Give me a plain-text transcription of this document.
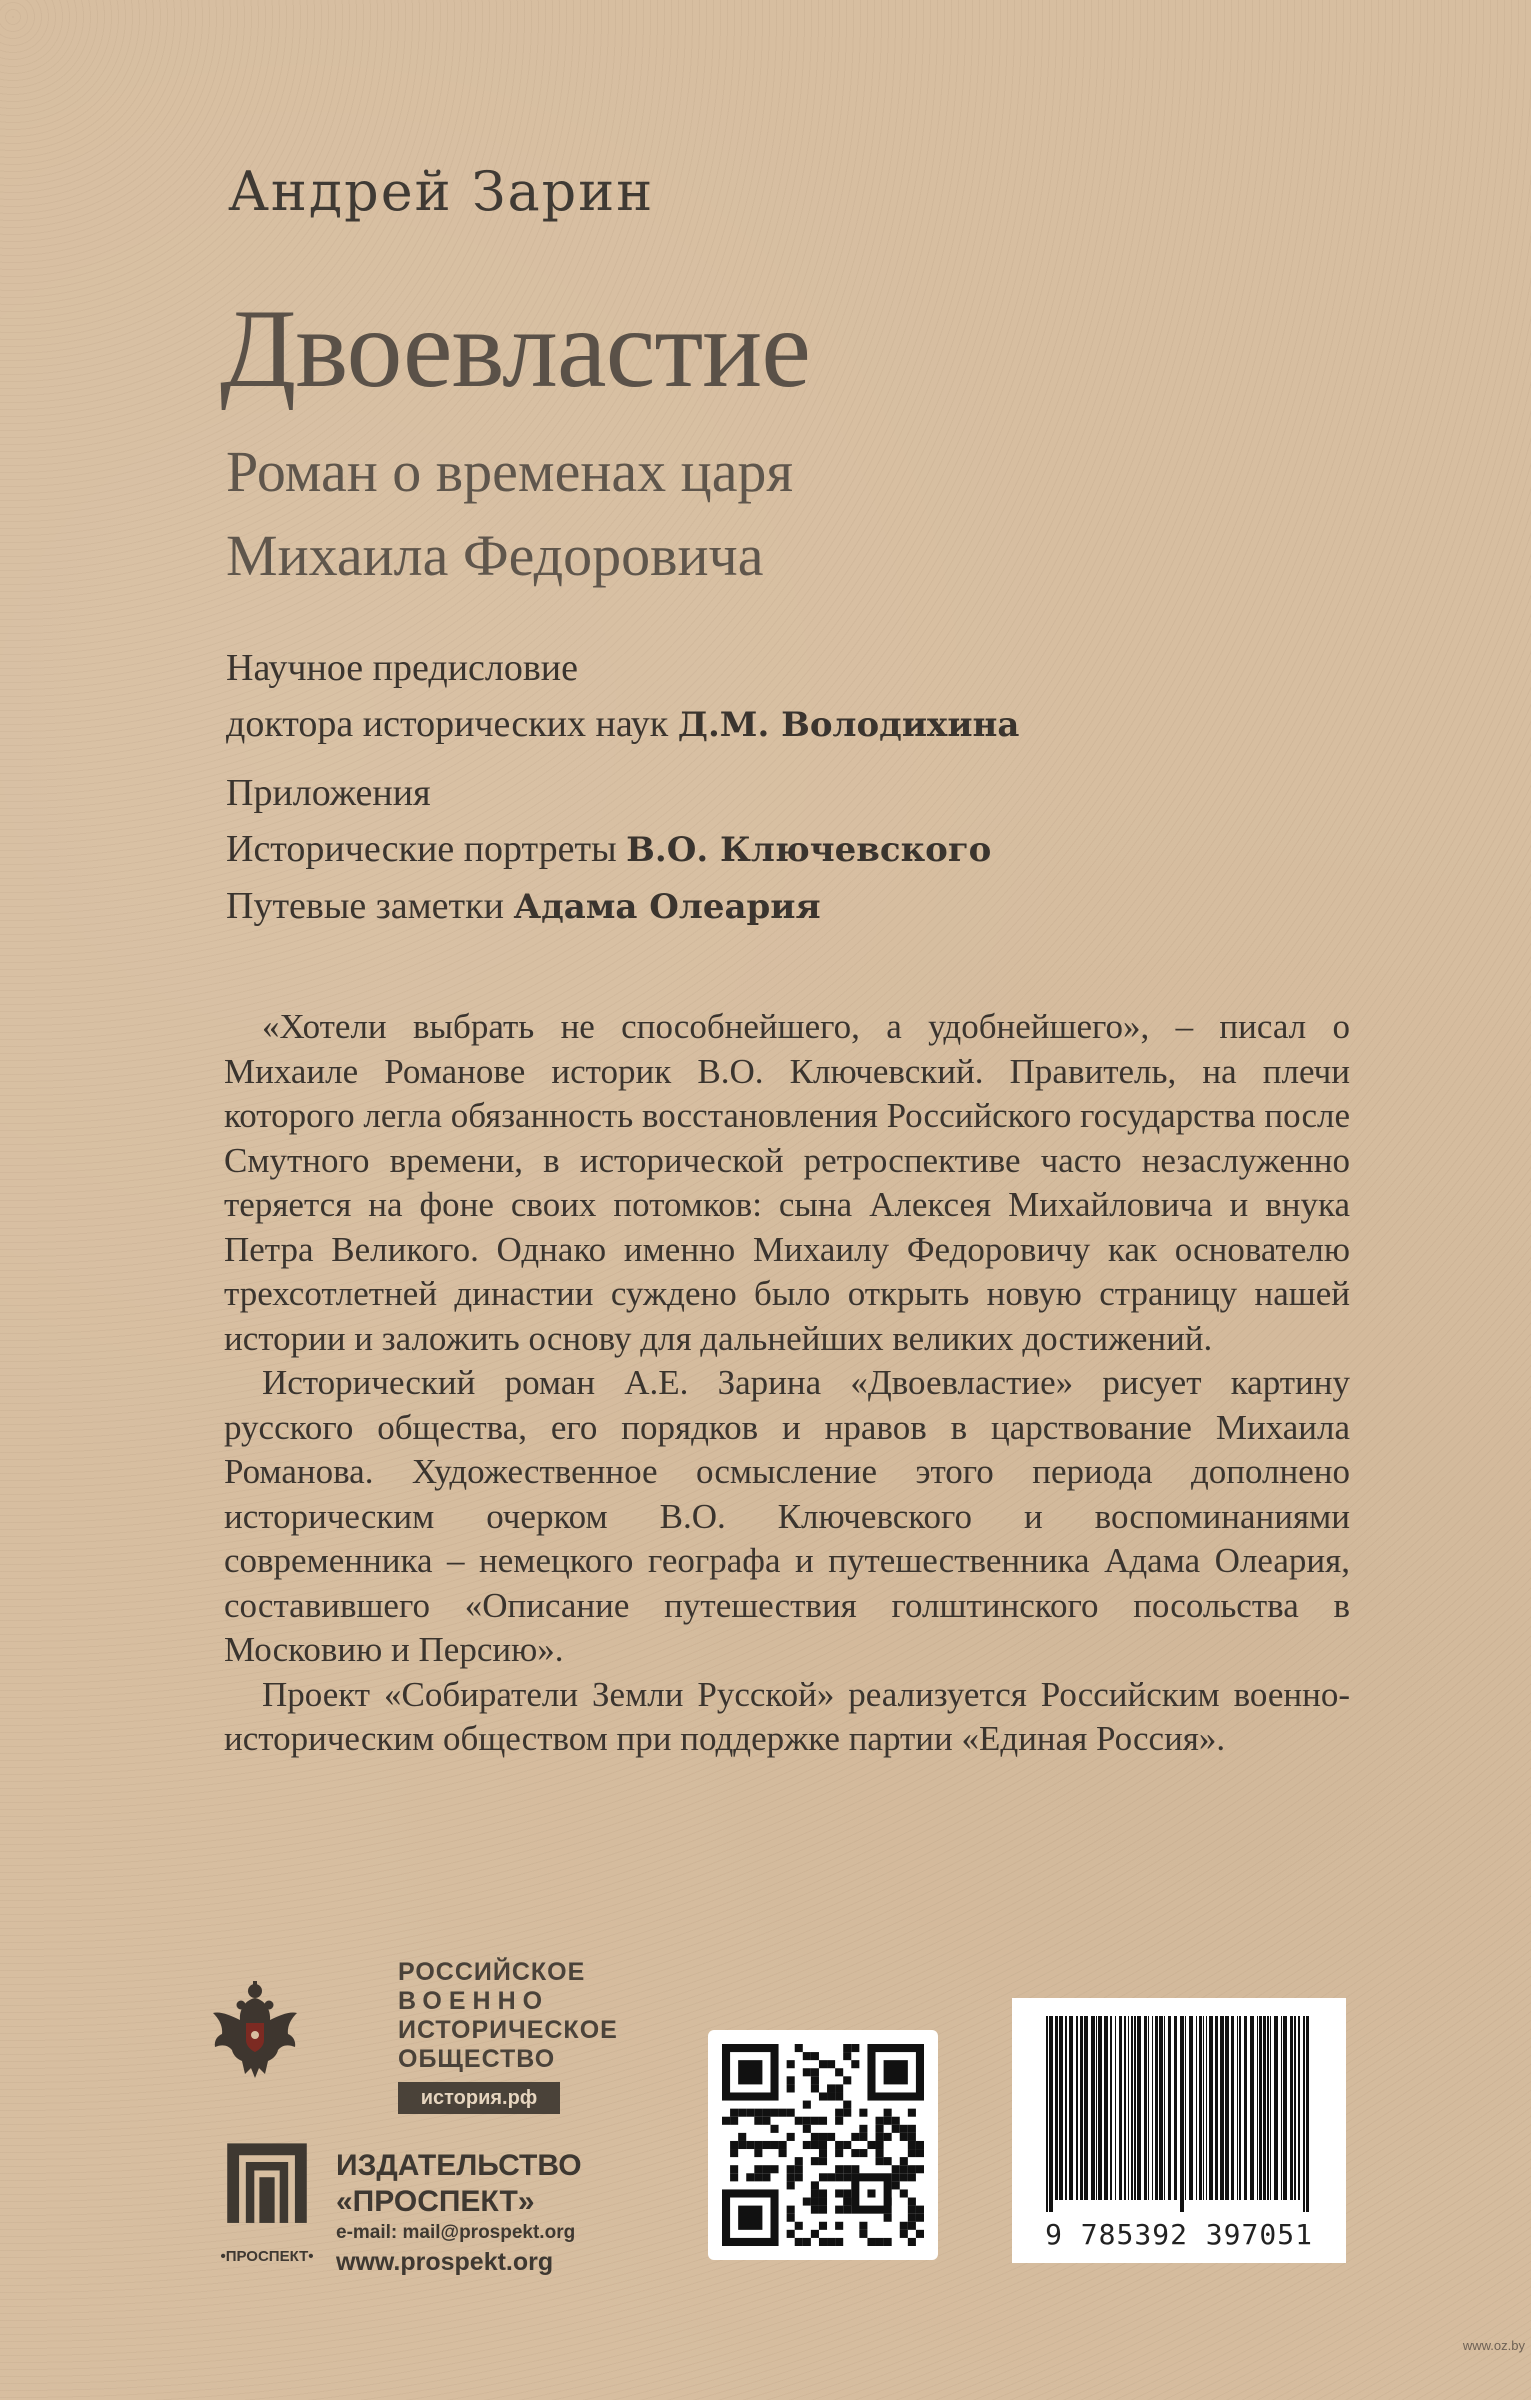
Андрей Зарин
Двоевластие
Роман о временах царя
Михаила Федоровича
Научное предисловие
доктора исторических наук Д.М. Володихина
Приложения
Исторические портреты В.О. Ключевского
Путевые заметки Адама Олеария

«Хотели выбрать не способнейшего, а удобнейшего», – писал о Михаиле Романове историк В.О. Ключевский. Правитель, на плечи которого легла обязанность восстановления Российского государства после Смутного времени, в исторической ретроспективе часто незаслуженно теряется на фоне своих потомков: сына Алексея Михайловича и внука Петра Великого. Однако именно Михаилу Федоровичу как основателю трехсотлетней династии суждено было открыть новую страницу нашей истории и заложить основу для дальнейших великих достижений.

Исторический роман А.Е. Зарина «Двоевластие» рисует картину русского общества, его порядков и нравов в царствование Михаила Романова. Художественное осмысление этого периода дополнено историческим очерком В.О. Ключевского и воспоминаниями современника – немецкого географа и путешественника Адама Олеария, составившего «Описание путешествия голштинского посольства в Московию и Персию».

Проект «Собиратели Земли Русской» реализуется Российским военно-историческим обществом при поддержке партии «Единая Россия».

РОССИЙСКОЕ
ВОЕННО
ИСТОРИЧЕСКОЕ
ОБЩЕСТВО
история.рф
•ПРОСПЕКТ•
ИЗДАТЕЛЬСТВО
«ПРОСПЕКТ»
e-mail: mail@prospekt.org
www.prospekt.org
9 785392 397051
www.oz.by
